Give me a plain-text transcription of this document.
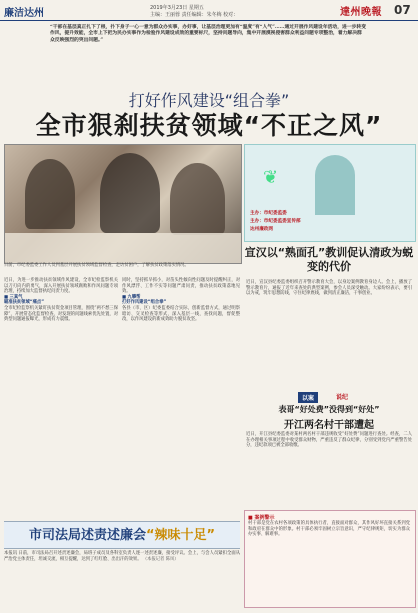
廉洁达州	2019年3月23日 星期五
主编：王丽蓉 责任编辑：朱冬梅 校对：	達州晚報 07
“干部在基层真正扎下了根，扑下身子一心一意为群众办实事，办好事，让基层治理更加有“温度”有“人气”……通过开展作风建设年活动，进一步转变作风，提升效能，全市上下把为民办实事作为检验作风建设成效的重要标尺，坚持问题导向，集中开展漠视侵害群众利益问题专项整治，着力解决群众反映强烈的突出问题。”
打好作风建设“组合拳”
全市狠刹扶贫领域“不正之风”
日前，市纪委监委工作人员到基层开展扶贫领域监督检查，走访贫困户，了解扶贫政策落实情况。
❦
主办：市纪委监委
主办：市纪委监委宣传部
达州廉政网
宣汉以“熟面孔”教训促认清政为蜕变的代价
近日，宣汉县纪委监委组织召开警示教育大会，以身边案例教育身边人。会上，播放了警示教育片，通报了近年来查处的典型案例，参会人员深受触动。大家纷纷表示，要引以为戒，筑牢思想防线，守住纪律底线，做到清正廉洁，干事创业。
以案	说纪
表哥“好处费”没得到“好处”
开江两名村干部遭起
近日，开江县纪委监委对某村两名村干部违规收受“好处费”问题进行查处。经查，二人在办理相关事项过程中收受群众财物，严重违反了群众纪律，分别受到党内严重警告处分，违纪款项已被全部收缴。
■ 案例警示
村干部是党在农村各项政策的具体执行者，直接面对群众，其作风好坏直接关系到党和政府在群众中的形象。村干部必须牢固树立宗旨意识，严守纪律规矩，切实为群众办实事、解难事。
近日，为进一步推动扶贫领域作风建设，全市纪检监察机关以刀刃向内的勇气，深入开展扶贫领域腐败和作风问题专项治理，持续加大监督执纪问责力度。
■ 三真气
瞄准扶贫领域“痛点”
全市纪检监察机关紧盯扶贫资金项目管理，围绕“两不愁三保障”，开展常态化监督检查，对发现的问题线索优先处置，对典型问题通报曝光，形成有力震慑。
同时，坚持抓早抓小，对苗头性倾向性问题及时提醒纠正，对作风漂浮、工作不实等问题严肃问责，推动扶贫政策落地见效。
■ 九攀帮
打好作风建设“组合拳”
各县（市、区）纪委监委结合实际，创新监督方式，通过明察暗访、交叉检查等形式，深入基层一线，查找问题，督促整改，以作风建设的新成效助力脱贫攻坚。
市司法局述责述廉会“辣味十足”
本报讯 日前，市司法局召开述责述廉会，局班子成员及各科室负责人逐一述责述廉，接受评议。会上，与会人员紧扣全面从严治党主体责任，坦诚交流，相互提醒，达到了红红脸、出出汗的效果。 （本报记者 陈凤）
